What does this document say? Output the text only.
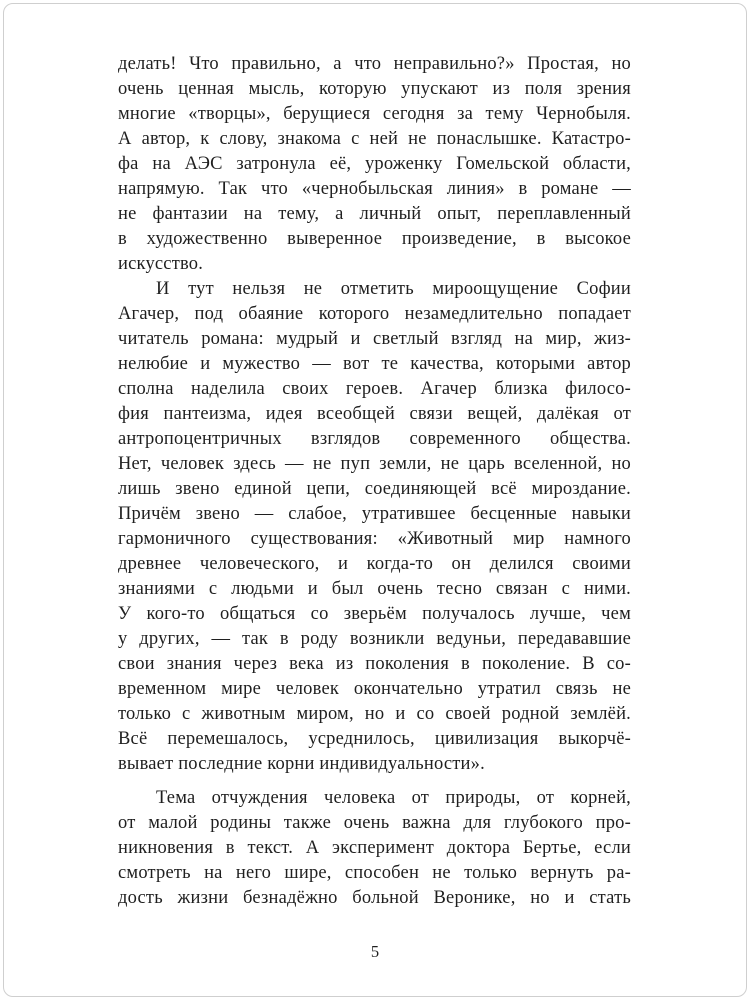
делать! Что правильно, а что неправильно?» Простая, но
очень ценная мысль, которую упускают из поля зрения
многие «творцы», берущиеся сегодня за тему Чернобыля.
А автор, к слову, знакома с ней не понаслышке. Катастро-
фа на АЭС затронула её, уроженку Гомельской области,
напрямую. Так что «чернобыльская линия» в романе —
не фантазии на тему, а личный опыт, переплавленный
в художественно выверенное произведение, в высокое
искусство.
И тут нельзя не отметить мироощущение Софии
Агачер, под обаяние которого незамедлительно попадает
читатель романа: мудрый и светлый взгляд на мир, жиз-
нелюбие и мужество — вот те качества, которыми автор
сполна наделила своих героев. Агачер близка филосо-
фия пантеизма, идея всеобщей связи вещей, далёкая от
антропоцентричных взглядов современного общества.
Нет, человек здесь — не пуп земли, не царь вселенной, но
лишь звено единой цепи, соединяющей всё мироздание.
Причём звено — слабое, утратившее бесценные навыки
гармоничного существования: «Животный мир намного
древнее человеческого, и когда-то он делился своими
знаниями с людьми и был очень тесно связан с ними.
У кого-то общаться со зверьём получалось лучше, чем
у других, — так в роду возникли ведуньи, передававшие
свои знания через века из поколения в поколение. В со-
временном мире человек окончательно утратил связь не
только с животным миром, но и со своей родной землёй.
Всё перемешалось, усреднилось, цивилизация выкорчё-
вывает последние корни индивидуальности».
Тема отчуждения человека от природы, от корней,
от малой родины также очень важна для глубокого про-
никновения в текст. А эксперимент доктора Бертье, если
смотреть на него шире, способен не только вернуть ра-
дость жизни безнадёжно больной Веронике, но и стать
5
